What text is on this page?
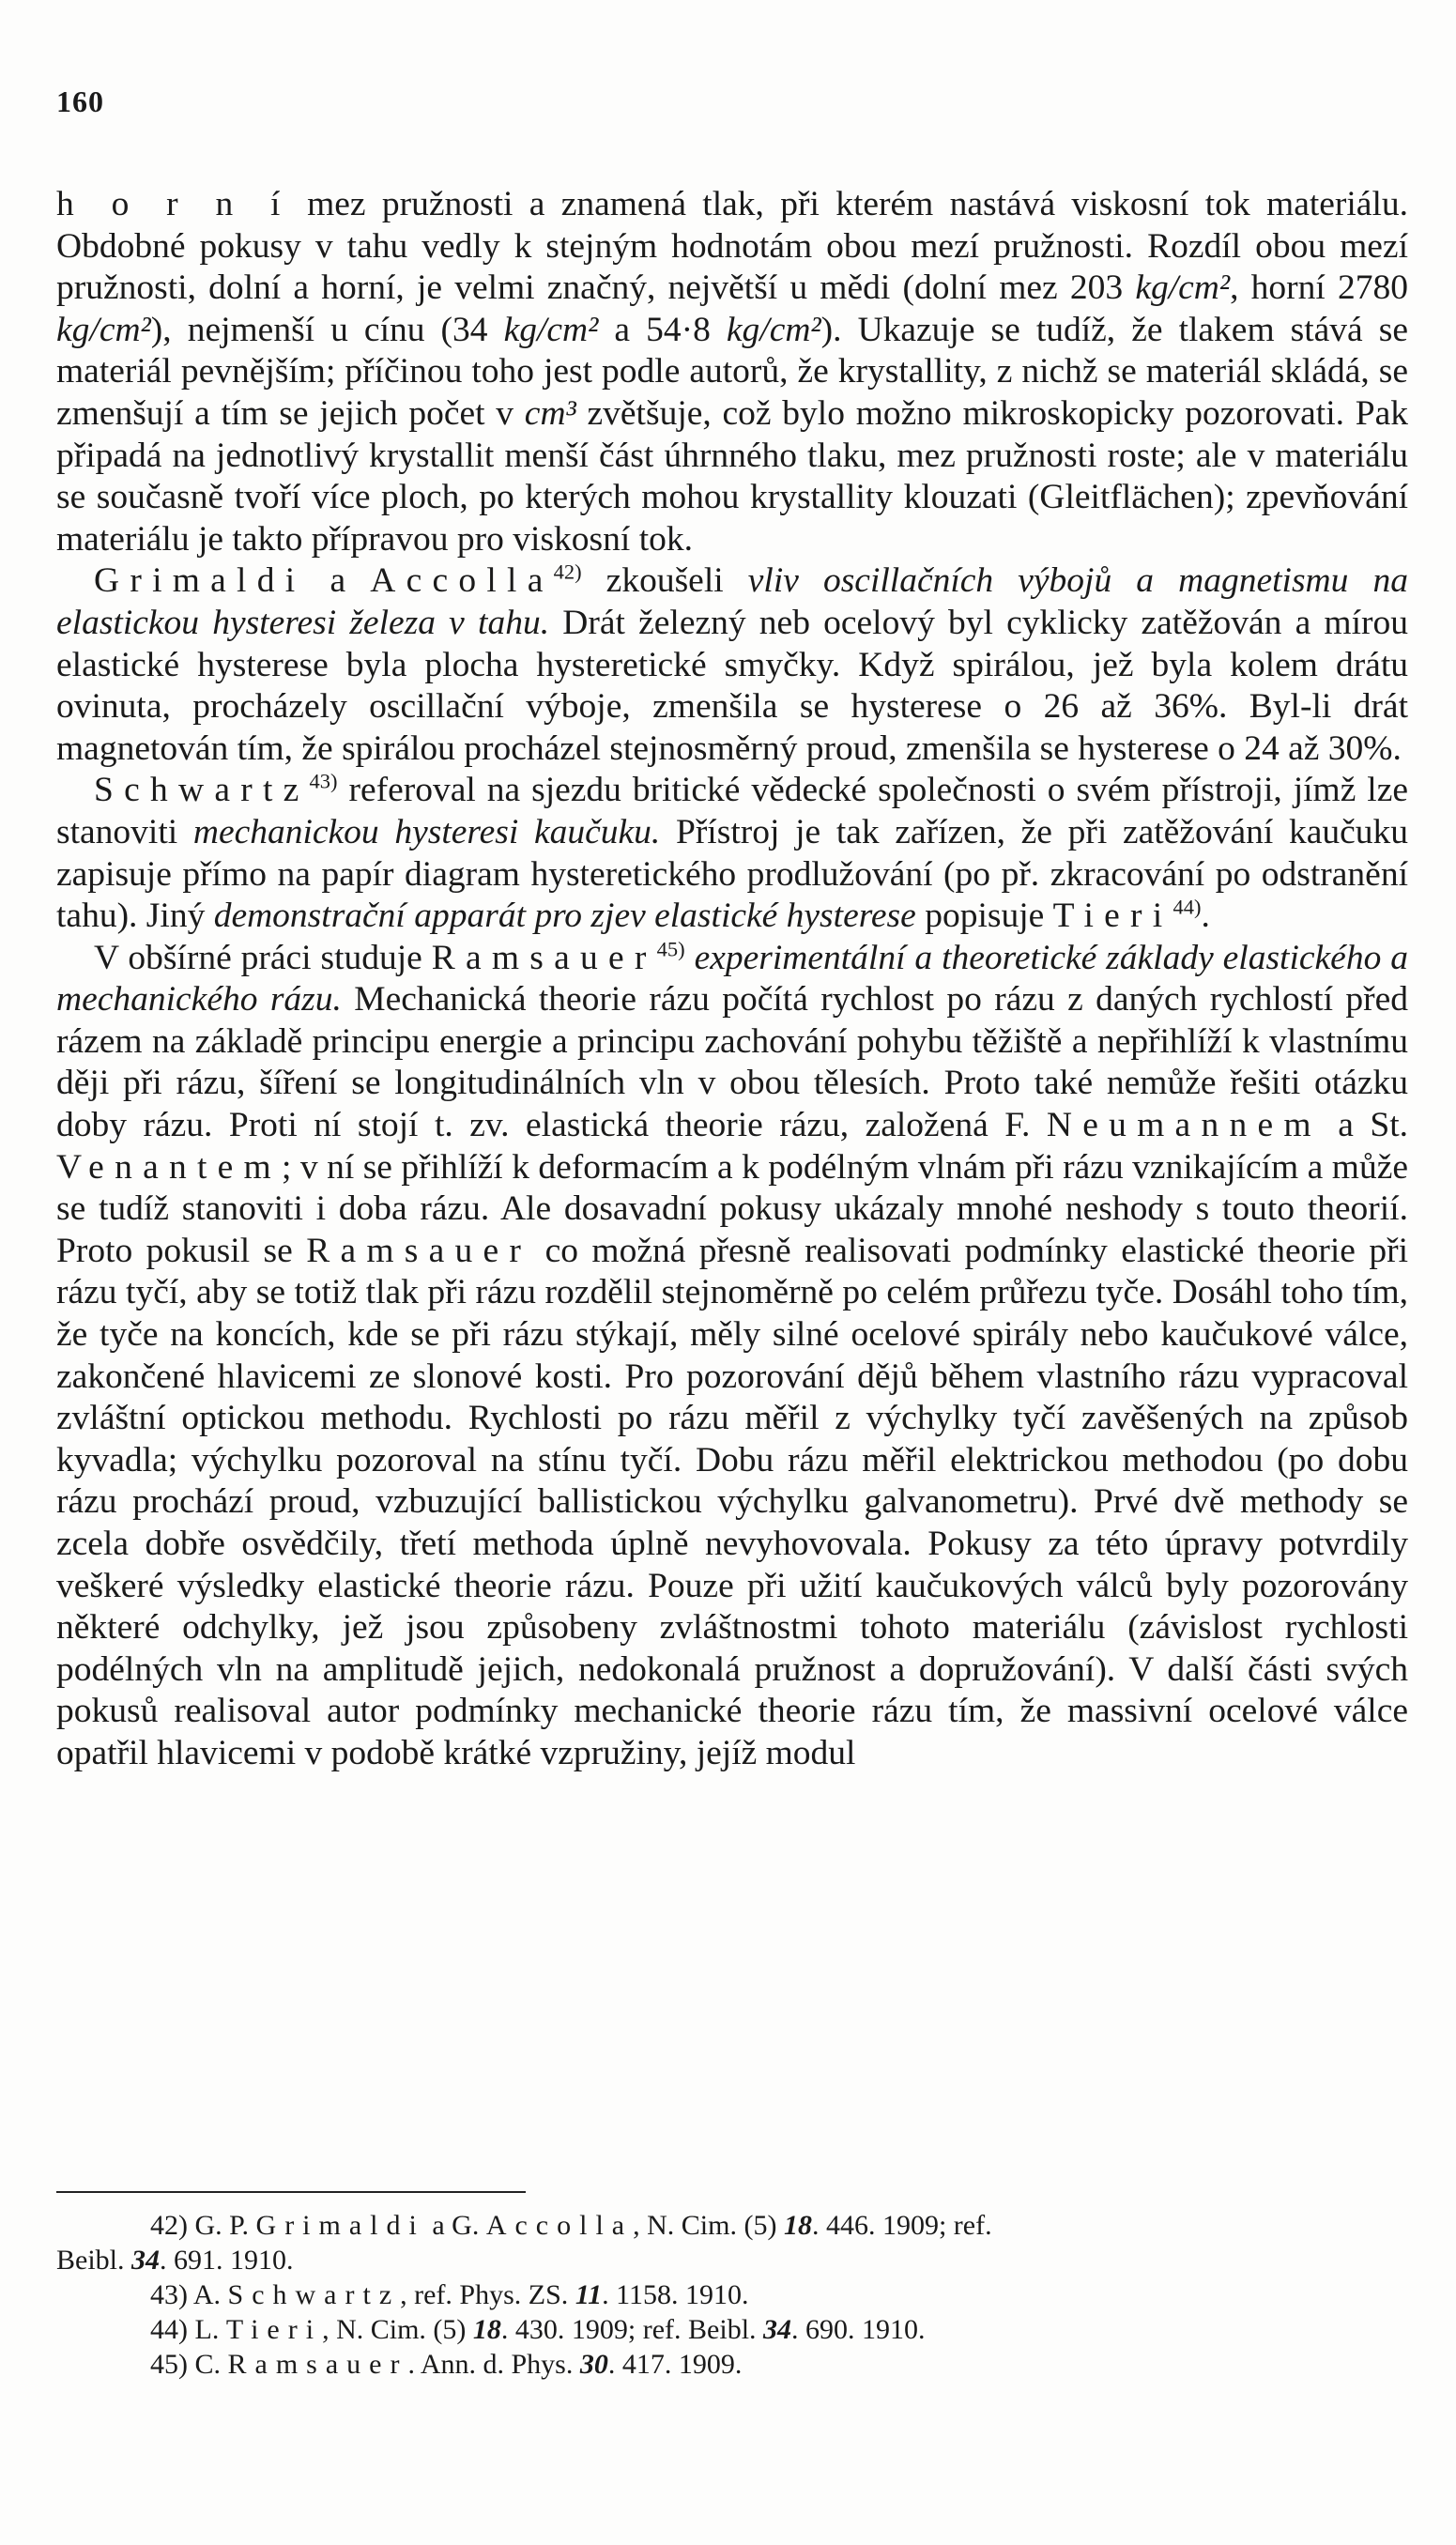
160

h o r n í mez pružnosti a znamená tlak, při kterém nastává viskosní tok materiálu. Obdobné pokusy v tahu vedly k stejným hodnotám obou mezí pružnosti. Rozdíl obou mezí pružnosti, dolní a horní, je velmi značný, největší u mědi (dolní mez 203 kg/cm², horní 2780 kg/cm²), nejmenší u cínu (34 kg/cm² a 54·8 kg/cm²). Ukazuje se tudíž, že tlakem stává se materiál pevnějším; příčinou toho jest podle autorů, že krystallity, z nichž se materiál skládá, se zmenšují a tím se jejich počet v cm³ zvětšuje, což bylo možno mikroskopicky pozorovati. Pak připadá na jednotlivý krystallit menší část úhrnného tlaku, mez pružnosti roste; ale v materiálu se současně tvoří více ploch, po kterých mohou krystallity klouzati (Gleitflächen); zpevňování materiálu je takto přípravou pro viskosní tok.

Grimaldi a Accolla$^{42)}$ zkoušeli vliv oscillačních výbojů a magnetismu na elastickou hysteresi železa v tahu. Drát železný neb ocelový byl cyklicky zatěžován a mírou elastické hysterese byla plocha hysteretické smyčky. Když spirálou, jež byla kolem drátu ovinuta, procházely oscillační výboje, zmenšila se hysterese o 26 až 36%. Byl-li drát magnetován tím, že spirálou procházel stejnosměrný proud, zmenšila se hysterese o 24 až 30%.

Schwartz$^{43)}$ referoval na sjezdu britické vědecké společnosti o svém přístroji, jímž lze stanoviti mechanickou hysteresi kaučuku. Přístroj je tak zařízen, že při zatěžování kaučuku zapisuje přímo na papír diagram hysteretického prodlužování (po př. zkracování po odstranění tahu). Jiný demonstrační apparát pro zjev elastické hysterese popisuje Tieri$^{44)}$.

V obšírné práci studuje Ramsauer$^{45)}$ experimentální a theoretické základy elastického a mechanického rázu. Mechanická theorie rázu počítá rychlost po rázu z daných rychlostí před rázem na základě principu energie a principu zachování pohybu těžiště a nepřihlíží k vlastnímu ději při rázu, šíření se longitudinálních vln v obou tělesích. Proto také nemůže řešiti otázku doby rázu. Proti ní stojí t. zv. elastická theorie rázu, založená F. Neumannem a St. Venantem; v ní se přihlíží k deformacím a k podélným vlnám při rázu vznikajícím a může se tudíž stanoviti i doba rázu. Ale dosavadní pokusy ukázaly mnohé neshody s touto theorií. Proto pokusil se Ramsauer co možná přesně realisovati podmínky elastické theorie při rázu tyčí, aby se totiž tlak při rázu rozdělil stejnoměrně po celém průřezu tyče. Dosáhl toho tím, že tyče na koncích, kde se při rázu stýkají, měly silné ocelové spirály nebo kaučukové válce, zakončené hlavicemi ze slonové kosti. Pro pozorování dějů během vlastního rázu vypracoval zvláštní optickou methodu. Rychlosti po rázu měřil z výchylky tyčí zavěšených na způsob kyvadla; výchylku pozoroval na stínu tyčí. Dobu rázu měřil elektrickou methodou (po dobu rázu prochází proud, vzbuzující ballistickou výchylku galvanometru). Prvé dvě methody se zcela dobře osvědčily, třetí methoda úplně nevyhovovala. Pokusy za této úpravy potvrdily veškeré výsledky elastické theorie rázu. Pouze při užití kaučukových válců byly pozorovány některé odchylky, jež jsou způsobeny zvláštnostmi tohoto materiálu (závislost rychlosti podélných vln na amplitudě jejich, nedokonalá pružnost a dopružování). V další části svých pokusů realisoval autor podmínky mechanické theorie rázu tím, že massivní ocelové válce opatřil hlavicemi v podobě krátké vzpružiny, jejíž modul

42) G. P. Grimaldi a G. Accolla, N. Cim. (5) 18. 446. 1909; ref.
Beibl. 34. 691. 1910.
43) A. Schwartz, ref. Phys. ZS. 11. 1158. 1910.
44) L. Tieri, N. Cim. (5) 18. 430. 1909; ref. Beibl. 34. 690. 1910.
45) C. Ramsauer. Ann. d. Phys. 30. 417. 1909.
